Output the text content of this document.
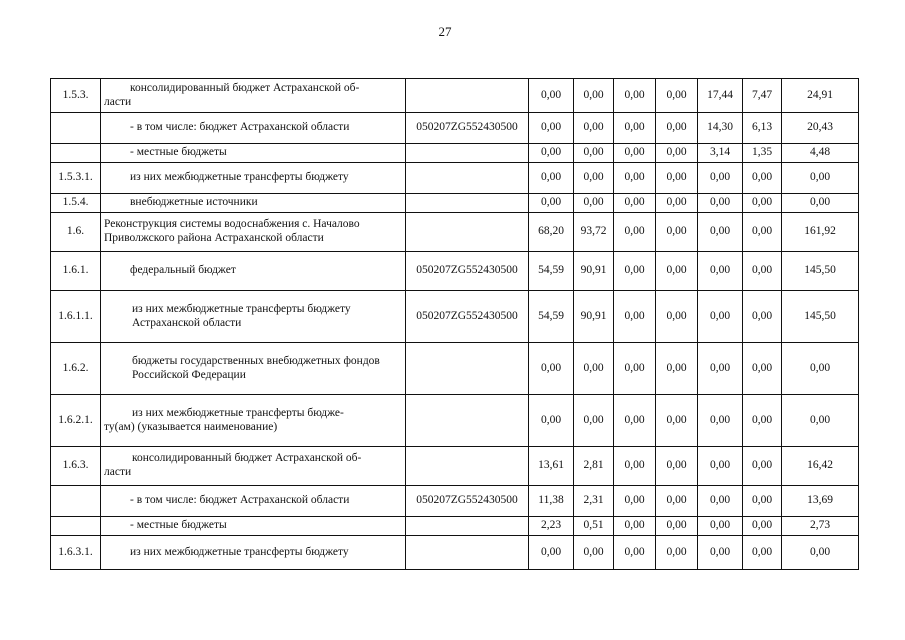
27
1.5.3.	консолидированный бюджет Астраханской об-
ласти		0,00	0,00	0,00	0,00	17,44	7,47	24,91

	- в том числе: бюджет Астраханской области	050207ZG552430500	0,00	0,00	0,00	0,00	14,30	6,13	20,43

	- местные бюджеты		0,00	0,00	0,00	0,00	3,14	1,35	4,48
1.5.3.1.	из них межбюджетные трансферты бюджету		0,00	0,00	0,00	0,00	0,00	0,00	0,00
1.5.4.	внебюджетные источники		0,00	0,00	0,00	0,00	0,00	0,00	0,00
1.6.	Реконструкция системы водоснабжения с. Началово Приволжского района Астраханской области		68,20	93,72	0,00	0,00	0,00	0,00	161,92
1.6.1.	федеральный бюджет	050207ZG552430500	54,59	90,91	0,00	0,00	0,00	0,00	145,50
1.6.1.1.	из них межбюджетные трансферты бюджету Астраханской области	050207ZG552430500	54,59	90,91	0,00	0,00	0,00	0,00	145,50
1.6.2.	бюджеты государственных внебюджетных фондов Российской Федерации		0,00	0,00	0,00	0,00	0,00	0,00	0,00
1.6.2.1.	из них межбюджетные трансферты бюдже-
ту(ам) (указывается наименование)		0,00	0,00	0,00	0,00	0,00	0,00	0,00
1.6.3.	консолидированный бюджет Астраханской об-
ласти		13,61	2,81	0,00	0,00	0,00	0,00	16,42

	- в том числе: бюджет Астраханской области	050207ZG552430500	11,38	2,31	0,00	0,00	0,00	0,00	13,69

	- местные бюджеты		2,23	0,51	0,00	0,00	0,00	0,00	2,73
1.6.3.1.	из них межбюджетные трансферты бюджету		0,00	0,00	0,00	0,00	0,00	0,00	0,00
